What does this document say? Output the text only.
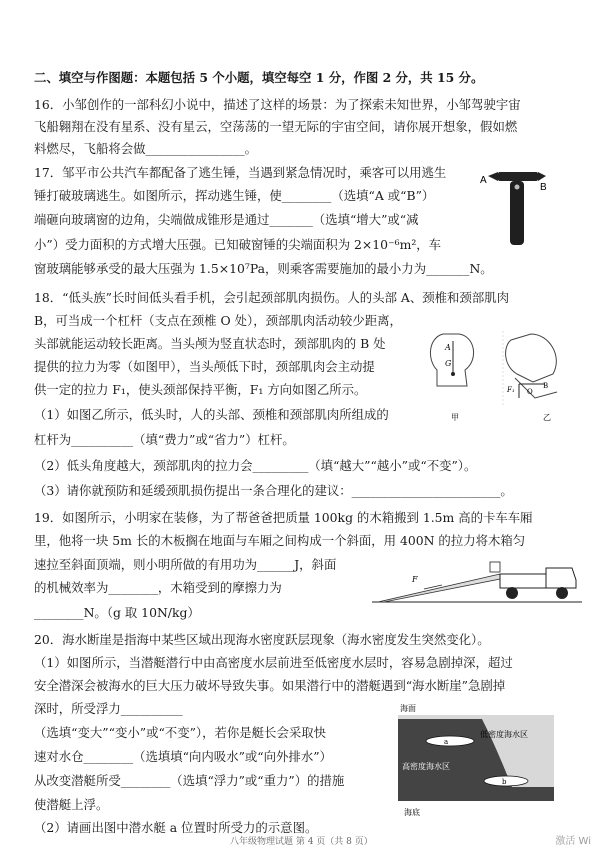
二、填空与作图题：本题包括 5 个小题，填空每空 1 分，作图 2 分，共 15 分。
16．小邹创作的一部科幻小说中，描述了这样的场景：为了探索未知世界，小邹驾驶宇宙
飞船翱翔在没有星系、没有星云，空荡荡的一望无际的宇宙空间，请你展开想象，假如燃
料燃尽，飞船将会做________________。
17．邹平市公共汽车都配备了逃生锤，当遇到紧急情况时，乘客可以用逃生
锤打破玻璃逃生。如图所示，挥动逃生锤，使________（选填“A 或“B”）
端砸向玻璃窗的边角，尖端做成锥形是通过_______（选填“增大”或“减
小”）受力面积的方式增大压强。已知破窗锤的尖端面积为 2×10⁻⁶m²，车
窗玻璃能够承受的最大压强为 1.5×10⁷Pa，则乘客需要施加的最小力为_______N。
18．“低头族”长时间低头看手机，会引起颈部肌肉损伤。人的头部 A、颈椎和颈部肌肉
B，可当成一个杠杆（支点在颈椎 O 处），颈部肌肉活动较少距离，
头部就能运动较长距离。当头颅为竖直状态时，颈部肌肉的 B 处
提供的拉力为零（如图甲），当头颅低下时，颈部肌肉会主动提
供一定的拉力 F₁，使头颈部保持平衡，F₁ 方向如图乙所示。
（1）如图乙所示，低头时，人的头部、颈椎和颈部肌肉所组成的
杠杆为__________（填“费力”或“省力”）杠杆。
（2）低头角度越大，颈部肌肉的拉力会_________（填“越大”“越小”或“不变”）。
（3）请你就预防和延缓颈肌损伤提出一条合理化的建议：________________________。
19．如图所示，小明家在装修，为了帮爸爸把质量 100kg 的木箱搬到 1.5m 高的卡车车厢
里，他将一块 5m 长的木板搁在地面与车厢之间构成一个斜面，用 400N 的拉力将木箱匀
速拉至斜面顶端，则小明所做的有用功为______J，斜面
的机械效率为________，木箱受到的摩擦力为
________N。（g 取 10N/kg）
20．海水断崖是指海中某些区域出现海水密度跃层现象（海水密度发生突然变化）。
（1）如图所示，当潜艇潜行中由高密度水层前进至低密度水层时，容易急剧掉深，超过
安全潜深会被海水的巨大压力破坏导致失事。如果潜行中的潜艇遇到“海水断崖”急剧掉
深时，所受浮力__________
（选填“变大”“变小”或“不变”），若你是艇长会采取快
速对水仓________（选填填“向内吸水”或“向外排水”）
从改变潜艇所受________（选填“浮力”或“重力”）的措施
使潜艇上浮。
（2）请画出图中潜水艇 a 位置时所受力的示意图。
A
B
A
G
F₁ O
B
甲	乙
F
海面
低密度海水区
高密度海水区
a
b
海底
八年级物理试题 第 4 页（共 8 页）	激活 Wi
